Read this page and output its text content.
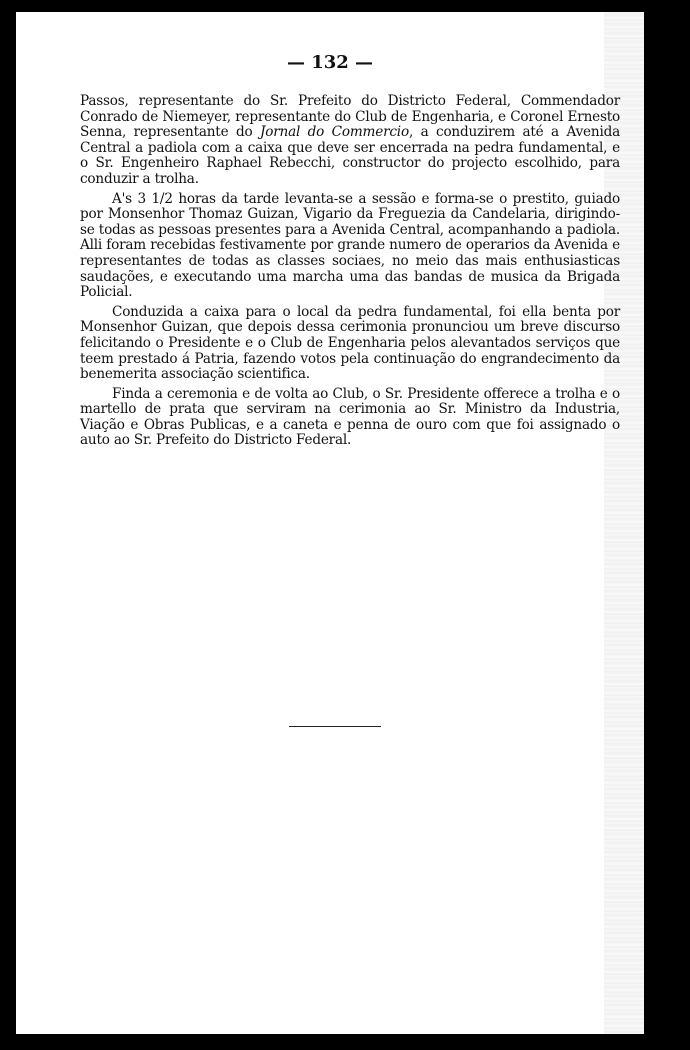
— 132 —

Passos, representante do Sr. Prefeito do Districto Federal, Commendador Conrado de Niemeyer, representante do Club de Engenharia, e Coronel Ernesto Senna, representante do Jornal do Commercio, a conduzirem até a Avenida Central a padiola com a caixa que deve ser encerrada na pedra fundamental, e o Sr. Engenheiro Raphael Rebecchi, constructor do projecto escolhido, para conduzir a trolha.

A's 3 1/2 horas da tarde levanta-se a sessão e forma-se o prestito, guiado por Monsenhor Thomaz Guizan, Vigario da Freguezia da Candelaria, dirigindo-se todas as pessoas presentes para a Avenida Central, acompanhando a padiola. Alli foram recebidas festivamente por grande numero de operarios da Avenida e representantes de todas as classes sociaes, no meio das mais enthusiasticas saudações, e executando uma marcha uma das bandas de musica da Brigada Policial.

Conduzida a caixa para o local da pedra fundamental, foi ella benta por Monsenhor Guizan, que depois dessa cerimonia pronunciou um breve discurso felicitando o Presidente e o Club de Engenharia pelos alevantados serviços que teem prestado á Patria, fazendo votos pela continuação do engrandecimento da benemerita associação scientifica.

Finda a ceremonia e de volta ao Club, o Sr. Presidente offerece a trolha e o martello de prata que serviram na cerimonia ao Sr. Ministro da Industria, Viação e Obras Publicas, e a caneta e penna de ouro com que foi assignado o auto ao Sr. Prefeito do Districto Federal.
